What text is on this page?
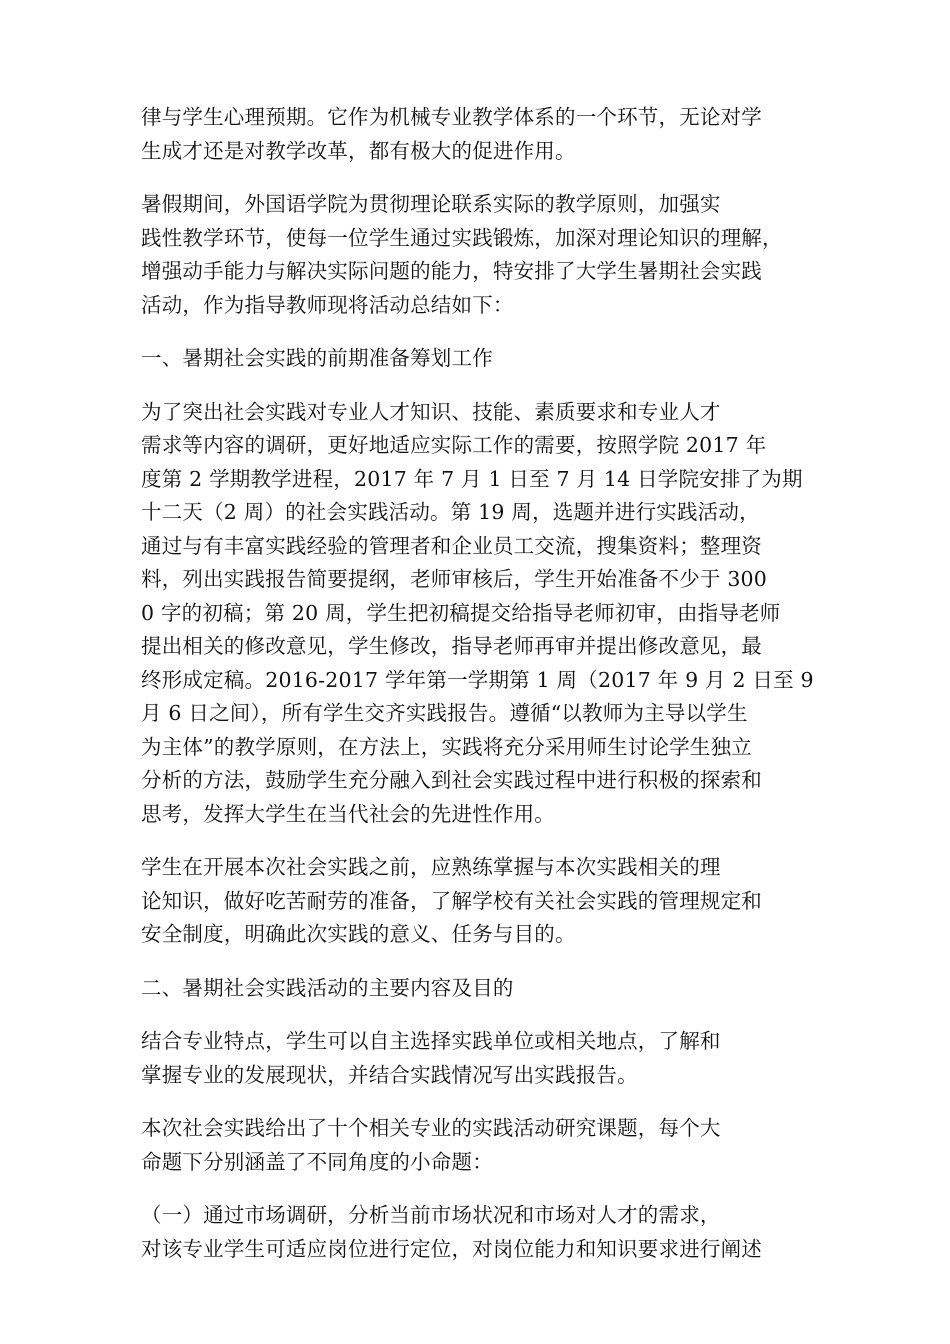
律与学生心理预期。它作为机械专业教学体系的一个环节，无论对学
生成才还是对教学改革，都有极大的促进作用。

暑假期间，外国语学院为贯彻理论联系实际的教学原则，加强实
践性教学环节，使每一位学生通过实践锻炼，加深对理论知识的理解，
增强动手能力与解决实际问题的能力，特安排了大学生暑期社会实践
活动，作为指导教师现将活动总结如下：

一、暑期社会实践的前期准备筹划工作

为了突出社会实践对专业人才知识、技能、素质要求和专业人才
需求等内容的调研，更好地适应实际工作的需要，按照学院 2017 年
度第 2 学期教学进程，2017 年 7 月 1 日至 7 月 14 日学院安排了为期
十二天（2 周）的社会实践活动。第 19 周，选题并进行实践活动，
通过与有丰富实践经验的管理者和企业员工交流，搜集资料；整理资
料，列出实践报告简要提纲，老师审核后，学生开始准备不少于 300
0 字的初稿；第 20 周，学生把初稿提交给指导老师初审，由指导老师
提出相关的修改意见，学生修改，指导老师再审并提出修改意见，最
终形成定稿。2016-2017 学年第一学期第 1 周（2017 年 9 月 2 日至 9
月 6 日之间），所有学生交齐实践报告。遵循“以教师为主导以学生
为主体”的教学原则，在方法上，实践将充分采用师生讨论学生独立
分析的方法，鼓励学生充分融入到社会实践过程中进行积极的探索和
思考，发挥大学生在当代社会的先进性作用。

学生在开展本次社会实践之前，应熟练掌握与本次实践相关的理
论知识，做好吃苦耐劳的准备，了解学校有关社会实践的管理规定和
安全制度，明确此次实践的意义、任务与目的。

二、暑期社会实践活动的主要内容及目的

结合专业特点，学生可以自主选择实践单位或相关地点，了解和
掌握专业的发展现状，并结合实践情况写出实践报告。

本次社会实践给出了十个相关专业的实践活动研究课题，每个大
命题下分别涵盖了不同角度的小命题：

（一）通过市场调研，分析当前市场状况和市场对人才的需求，
对该专业学生可适应岗位进行定位，对岗位能力和知识要求进行阐述
